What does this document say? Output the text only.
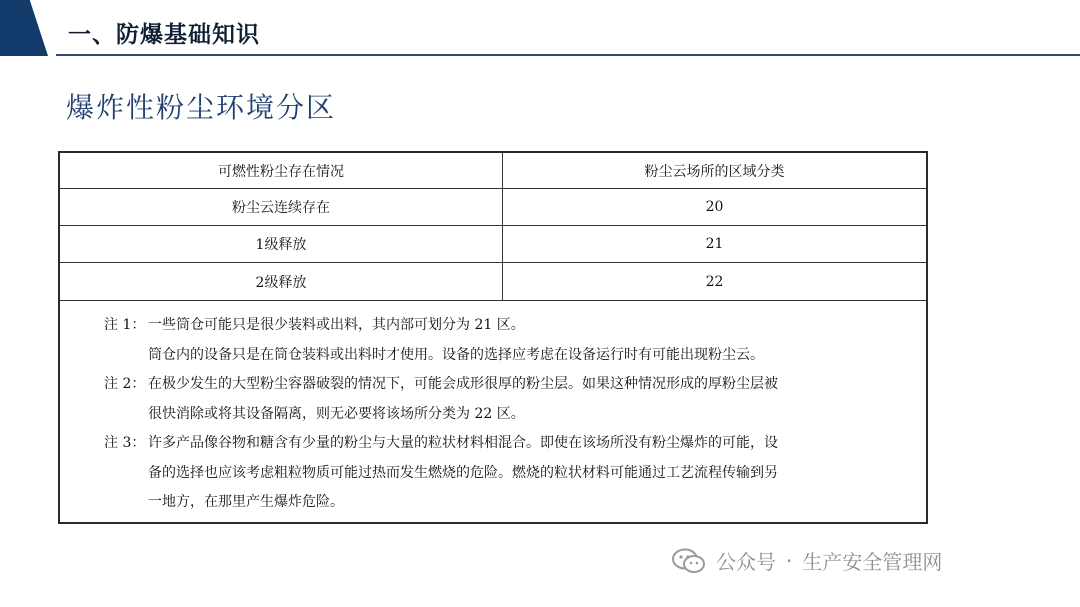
一、防爆基础知识
爆炸性粉尘环境分区
可燃性粉尘存在情况	粉尘云场所的区域分类
粉尘云连续存在	20
1级释放	21
2级释放	22
注 1： 一些筒仓可能只是很少装料或出料，其内部可划分为 21 区。
筒仓内的设备只是在筒仓装料或出料时才使用。设备的选择应考虑在设备运行时有可能出现粉尘云。
注 2： 在极少发生的大型粉尘容器破裂的情况下，可能会成形很厚的粉尘层。如果这种情况形成的厚粉尘层被
很快消除或将其设备隔离，则无必要将该场所分类为 22 区。
注 3： 许多产品像谷物和糖含有少量的粉尘与大量的粒状材料相混合。即使在该场所没有粉尘爆炸的可能，设
备的选择也应该考虑粗粒物质可能过热而发生燃烧的危险。燃烧的粒状材料可能通过工艺流程传输到另
一地方，在那里产生爆炸危险。
公众号 · 生产安全管理网
